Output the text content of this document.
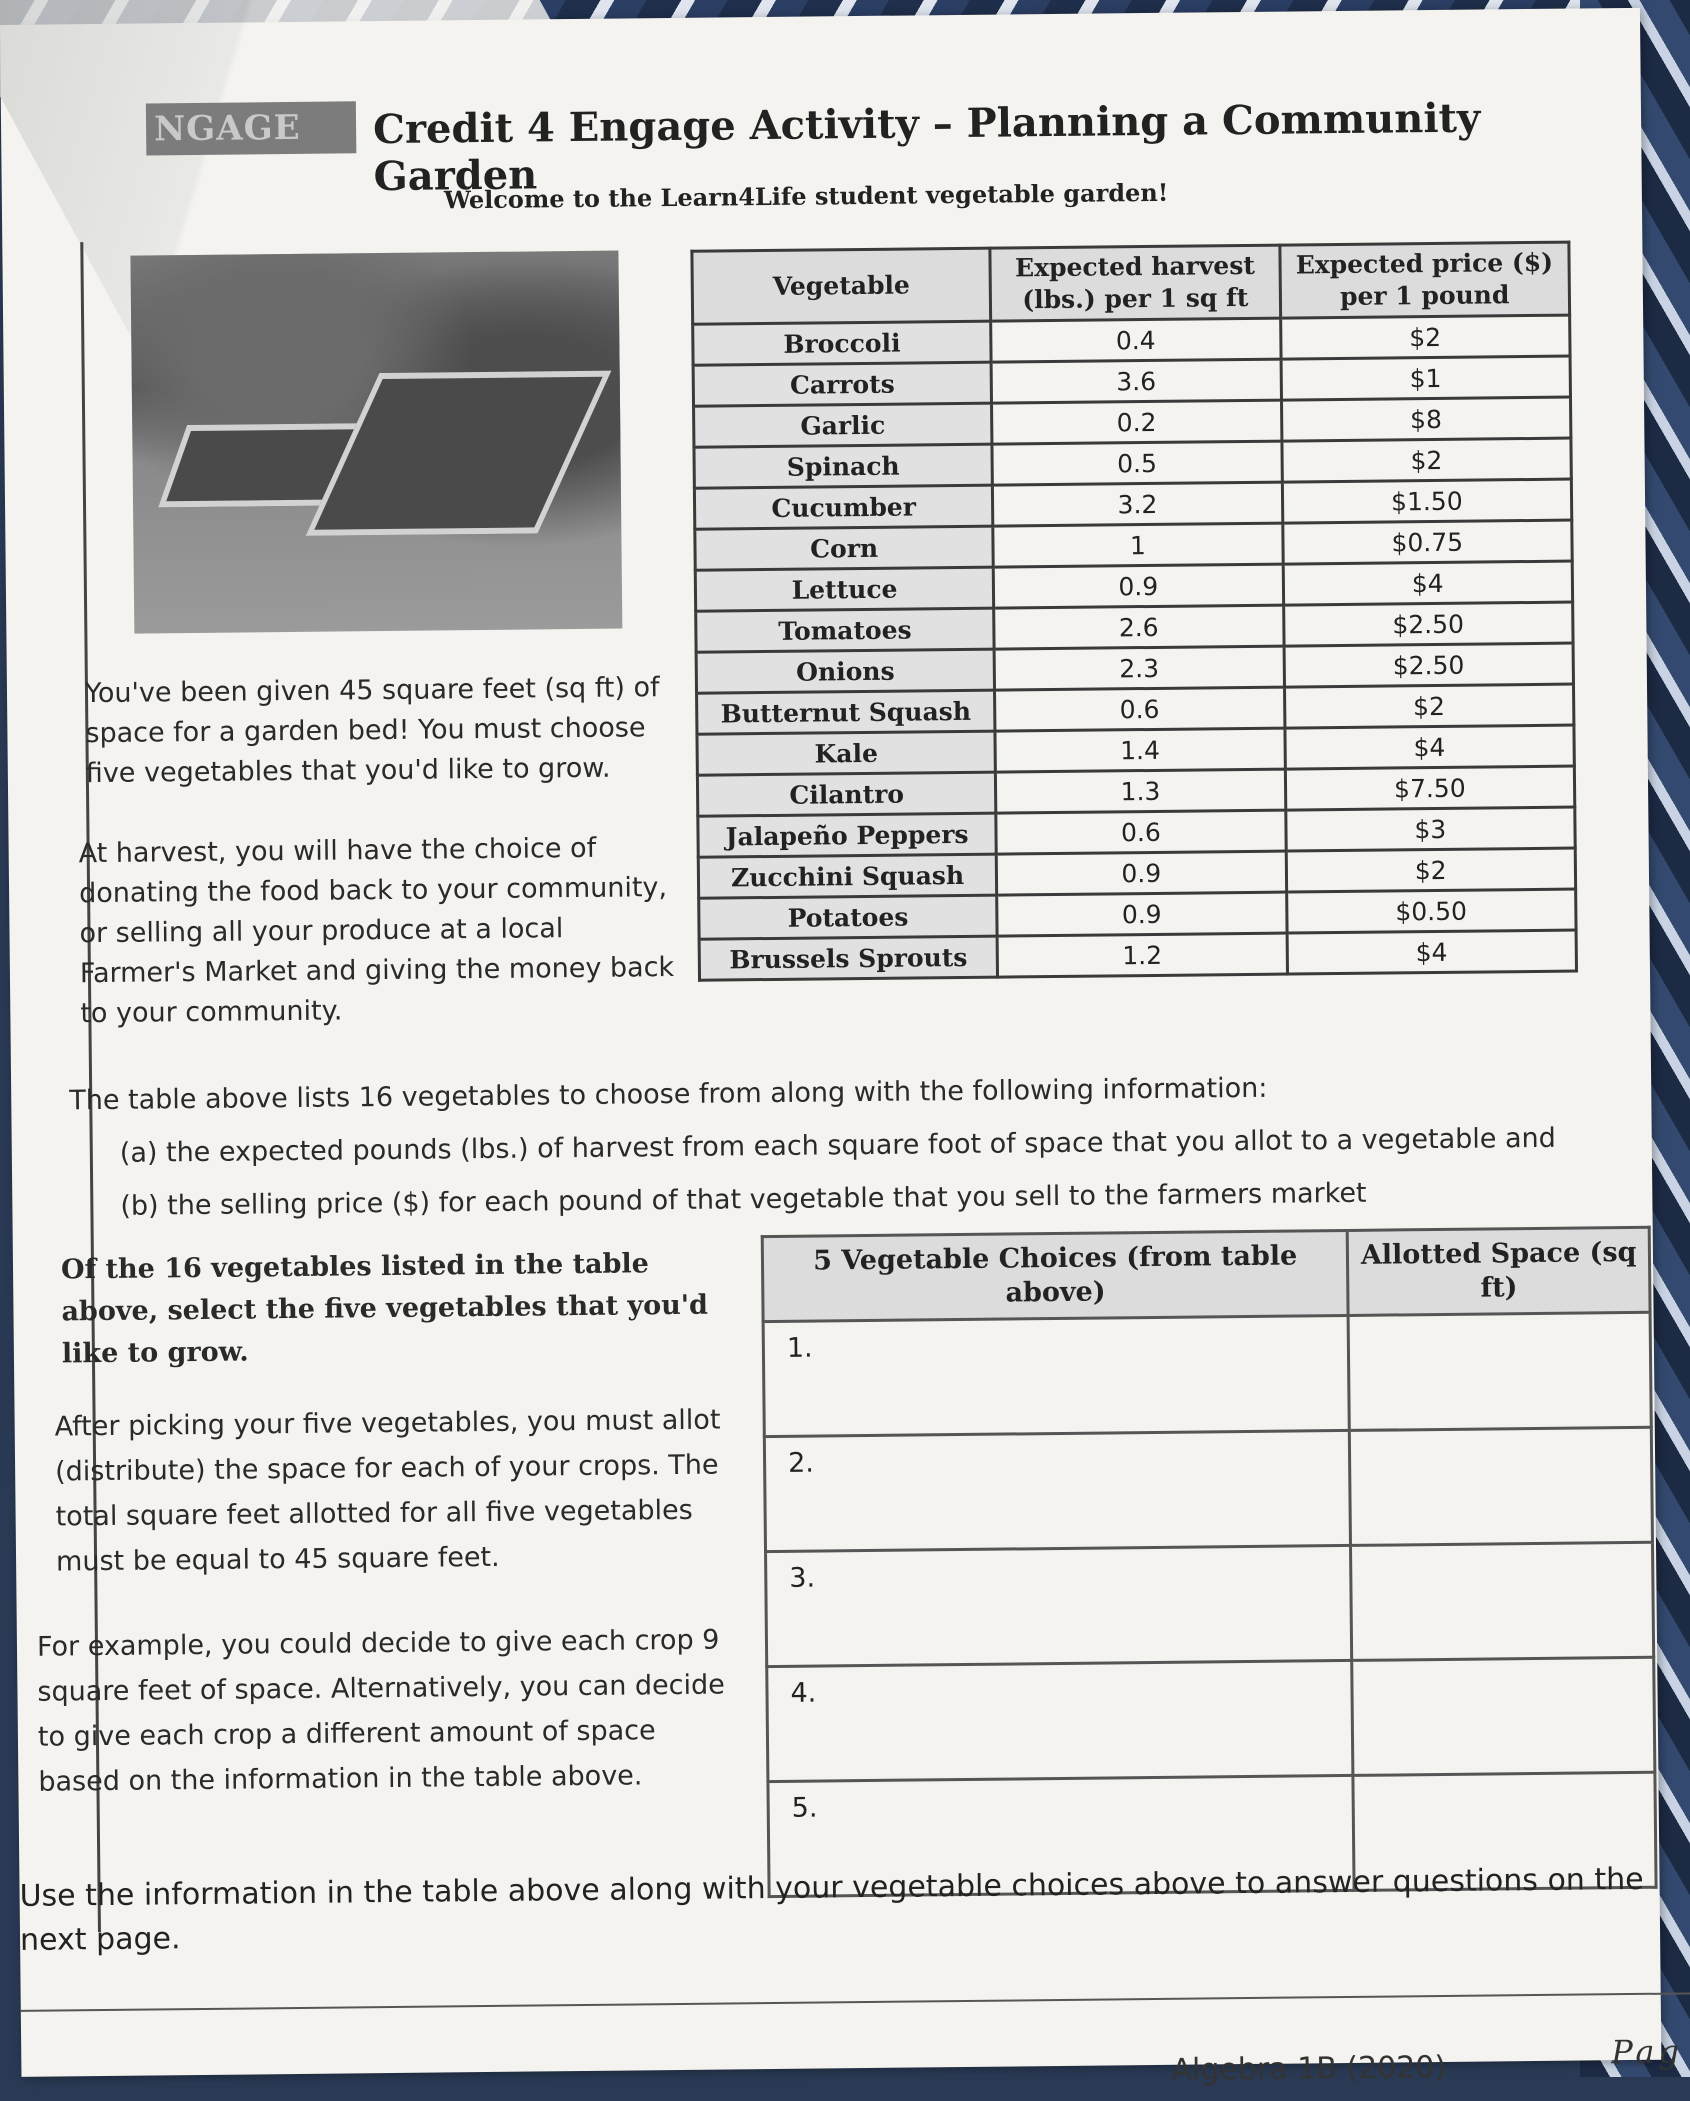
NGAGE	Credit 4 Engage Activity – Planning a Community Garden
Welcome to the Learn4Life student vegetable garden!
You've been given 45 square feet (sq ft) of space for a garden bed! You must choose five vegetables that you'd like to grow.
At harvest, you will have the choice of donating the food back to your community, or selling all your produce at a local Farmer's Market and giving the money back to your community.
Vegetable	Expected harvest (lbs.) per 1 sq ft	Expected price ($) per 1 pound
Broccoli	0.4	$2
Carrots	3.6	$1
Garlic	0.2	$8
Spinach	0.5	$2
Cucumber	3.2	$1.50
Corn	1	$0.75
Lettuce	0.9	$4
Tomatoes	2.6	$2.50
Onions	2.3	$2.50
Butternut Squash	0.6	$2
Kale	1.4	$4
Cilantro	1.3	$7.50
Jalapeño Peppers	0.6	$3
Zucchini Squash	0.9	$2
Potatoes	0.9	$0.50
Brussels Sprouts	1.2	$4
The table above lists 16 vegetables to choose from along with the following information:
(a) the expected pounds (lbs.) of harvest from each square foot of space that you allot to a vegetable and
(b) the selling price ($) for each pound of that vegetable that you sell to the farmers market
Of the 16 vegetables listed in the table above, select the five vegetables that you'd like to grow.
After picking your five vegetables, you must allot (distribute) the space for each of your crops. The total square feet allotted for all five vegetables must be equal to 45 square feet.
For example, you could decide to give each crop 9 square feet of space. Alternatively, you can decide to give each crop a different amount of space based on the information in the table above.
5 Vegetable Choices (from table above)	Allotted Space (sq ft)
1.	
2.	
3.	
4.	
5.	
Use the information in the table above along with your vegetable choices above to answer questions on the next page.
Algebra 1B (2020)	Pag
